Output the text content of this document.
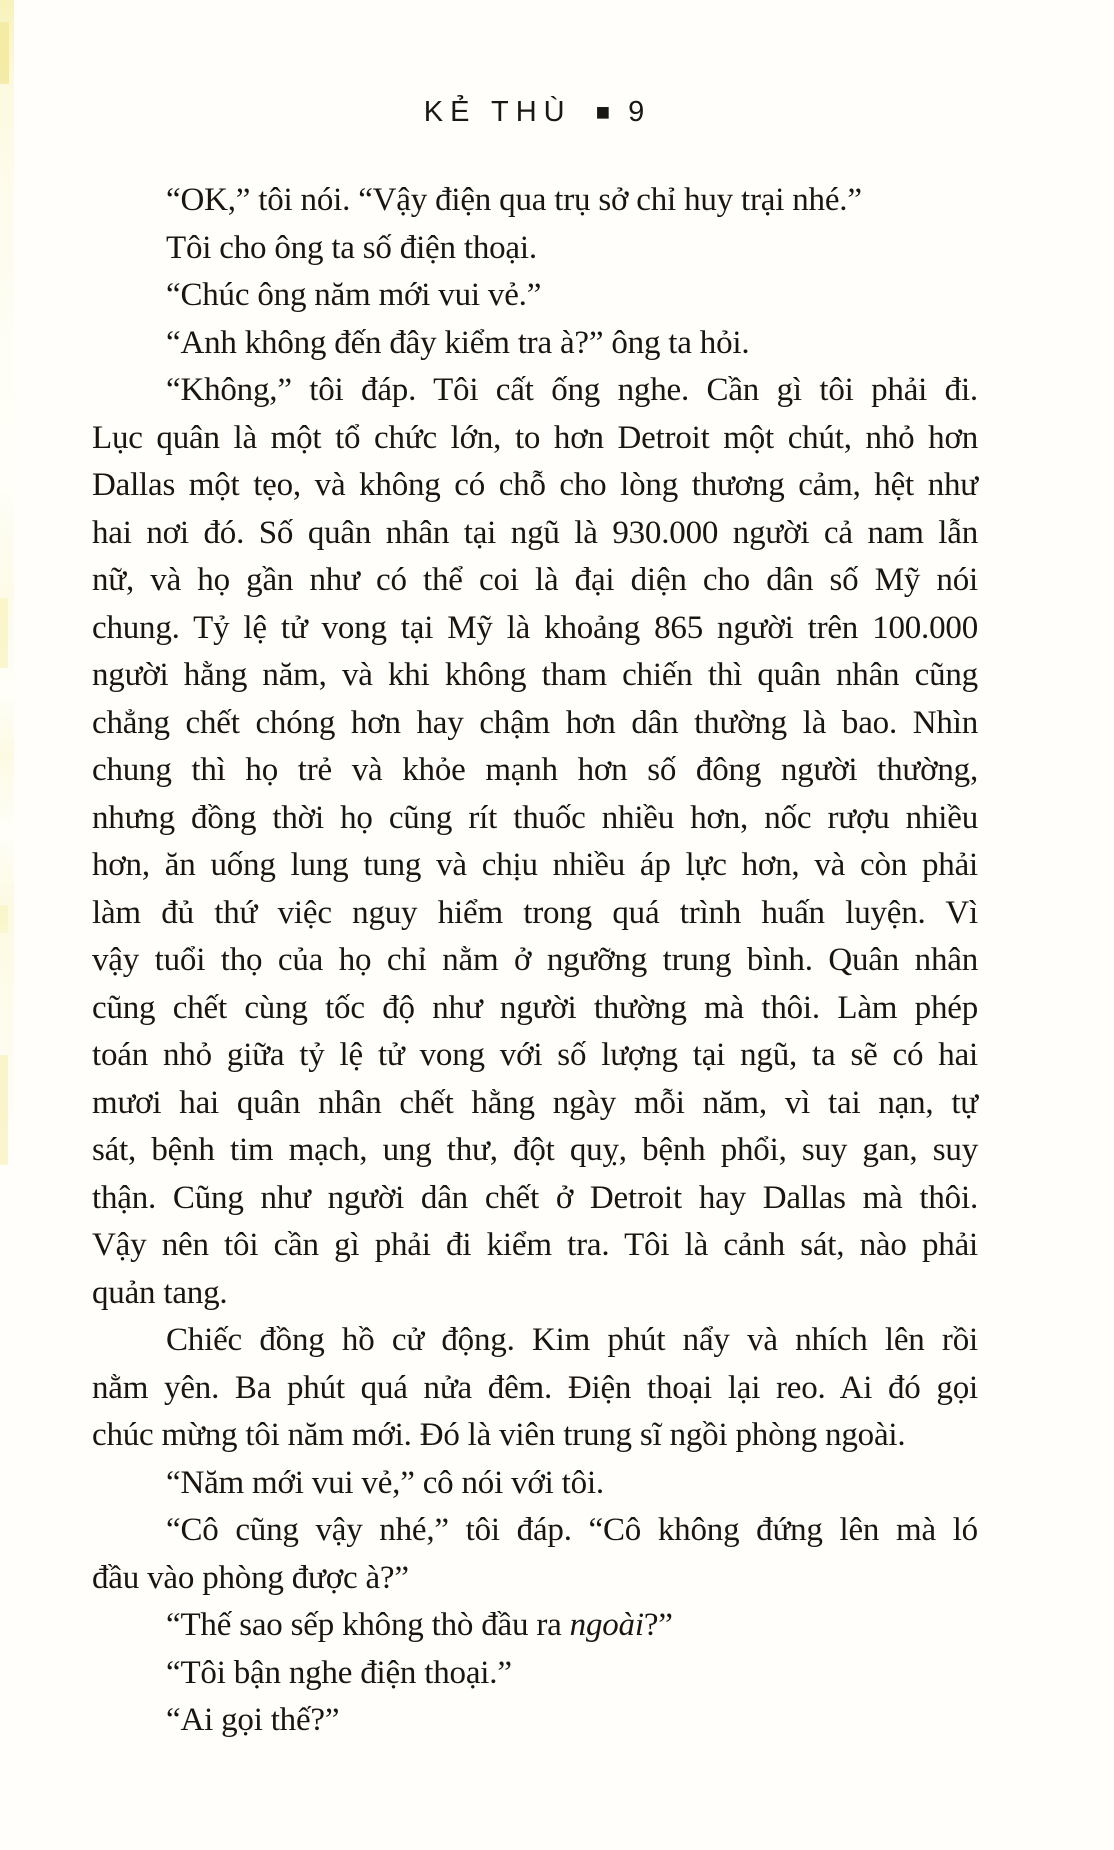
KẺ THÙ ■ 9
“OK,” tôi nói. “Vậy điện qua trụ sở chỉ huy trại nhé.”
Tôi cho ông ta số điện thoại.
“Chúc ông năm mới vui vẻ.”
“Anh không đến đây kiểm tra à?” ông ta hỏi.
“Không,” tôi đáp. Tôi cất ống nghe. Cần gì tôi phải đi.
Lục quân là một tổ chức lớn, to hơn Detroit một chút, nhỏ hơn
Dallas một tẹo, và không có chỗ cho lòng thương cảm, hệt như
hai nơi đó. Số quân nhân tại ngũ là 930.000 người cả nam lẫn
nữ, và họ gần như có thể coi là đại diện cho dân số Mỹ nói
chung. Tỷ lệ tử vong tại Mỹ là khoảng 865 người trên 100.000
người hằng năm, và khi không tham chiến thì quân nhân cũng
chẳng chết chóng hơn hay chậm hơn dân thường là bao. Nhìn
chung thì họ trẻ và khỏe mạnh hơn số đông người thường,
nhưng đồng thời họ cũng rít thuốc nhiều hơn, nốc rượu nhiều
hơn, ăn uống lung tung và chịu nhiều áp lực hơn, và còn phải
làm đủ thứ việc nguy hiểm trong quá trình huấn luyện. Vì
vậy tuổi thọ của họ chỉ nằm ở ngưỡng trung bình. Quân nhân
cũng chết cùng tốc độ như người thường mà thôi. Làm phép
toán nhỏ giữa tỷ lệ tử vong với số lượng tại ngũ, ta sẽ có hai
mươi hai quân nhân chết hằng ngày mỗi năm, vì tai nạn, tự
sát, bệnh tim mạch, ung thư, đột quỵ, bệnh phổi, suy gan, suy
thận. Cũng như người dân chết ở Detroit hay Dallas mà thôi.
Vậy nên tôi cần gì phải đi kiểm tra. Tôi là cảnh sát, nào phải
quản tang.
Chiếc đồng hồ cử động. Kim phút nẩy và nhích lên rồi
nằm yên. Ba phút quá nửa đêm. Điện thoại lại reo. Ai đó gọi
chúc mừng tôi năm mới. Đó là viên trung sĩ ngồi phòng ngoài.
“Năm mới vui vẻ,” cô nói với tôi.
“Cô cũng vậy nhé,” tôi đáp. “Cô không đứng lên mà ló
đầu vào phòng được à?”
“Thế sao sếp không thò đầu ra ngoài?”
“Tôi bận nghe điện thoại.”
“Ai gọi thế?”
